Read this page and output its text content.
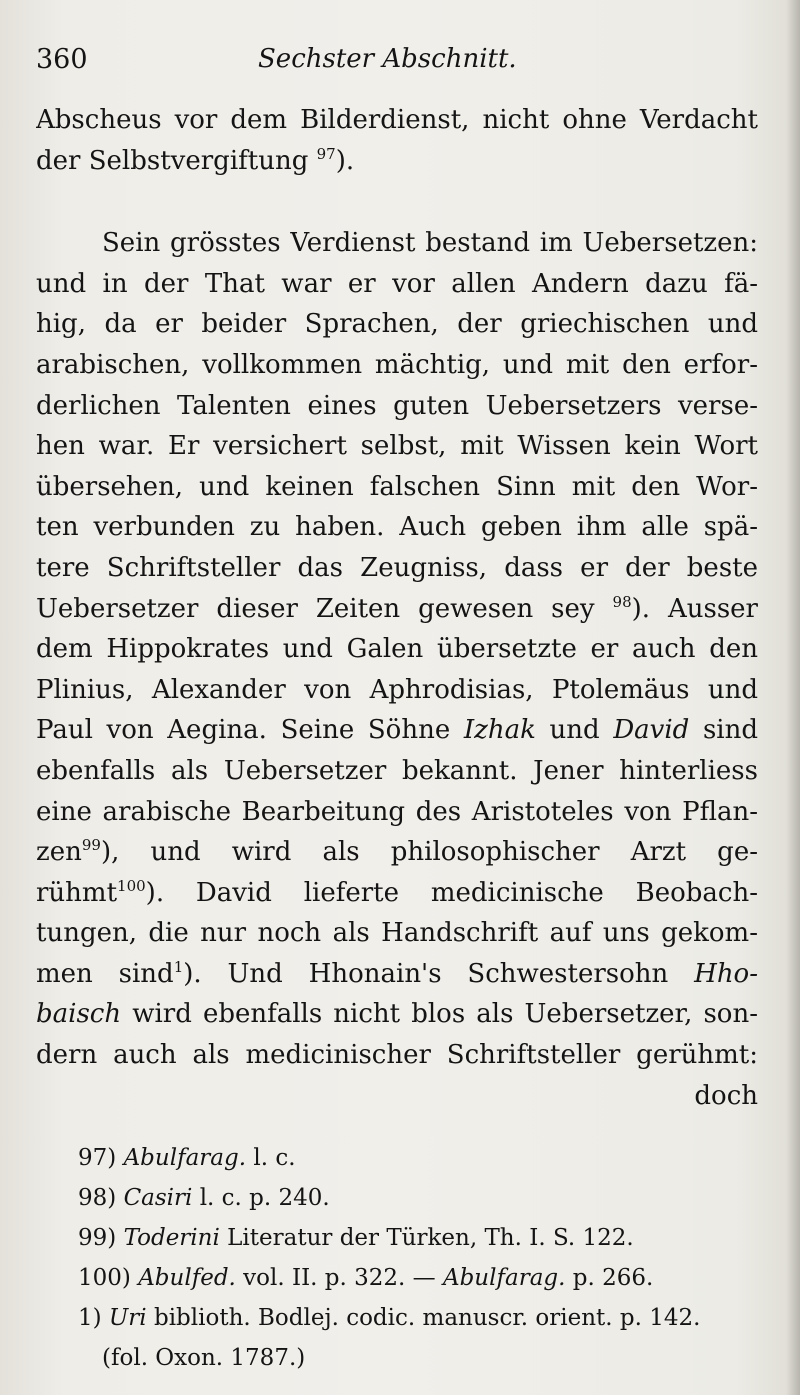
360	Sechster Abschnitt.
Abscheus vor dem Bilderdienst, nicht ohne Verdacht
der Selbstvergiftung $^{97}$).
Sein grösstes Verdienst bestand im Uebersetzen:
und in der That war er vor allen Andern dazu fä-
hig, da er beider Sprachen, der griechischen und
arabischen, vollkommen mächtig, und mit den erfor-
derlichen Talenten eines guten Uebersetzers verse-
hen war. Er versichert selbst, mit Wissen kein Wort
übersehen, und keinen falschen Sinn mit den Wor-
ten verbunden zu haben. Auch geben ihm alle spä-
tere Schriftsteller das Zeugniss, dass er der beste
Uebersetzer dieser Zeiten gewesen sey $^{98}$). Ausser
dem Hippokrates und Galen übersetzte er auch den
Plinius, Alexander von Aphrodisias, Ptolemäus und
Paul von Aegina. Seine Söhne Izhak und David sind
ebenfalls als Uebersetzer bekannt. Jener hinterliess
eine arabische Bearbeitung des Aristoteles von Pflan-
zen$^{99}$), und wird als philosophischer Arzt ge-
rühmt$^{100}$). David lieferte medicinische Beobach-
tungen, die nur noch als Handschrift auf uns gekom-
men sind$^1$). Und Hhonain's Schwestersohn Hho-
baisch wird ebenfalls nicht blos als Uebersetzer, son-
dern auch als medicinischer Schriftsteller gerühmt:
doch
97) Abulfarag. l. c.
98) Casiri l. c. p. 240.
99) Toderini Literatur der Türken, Th. I. S. 122.
100) Abulfed. vol. II. p. 322. — Abulfarag. p. 266.
1) Uri biblioth. Bodlej. codic. manuscr. orient. p. 142.
(fol. Oxon. 1787.)
